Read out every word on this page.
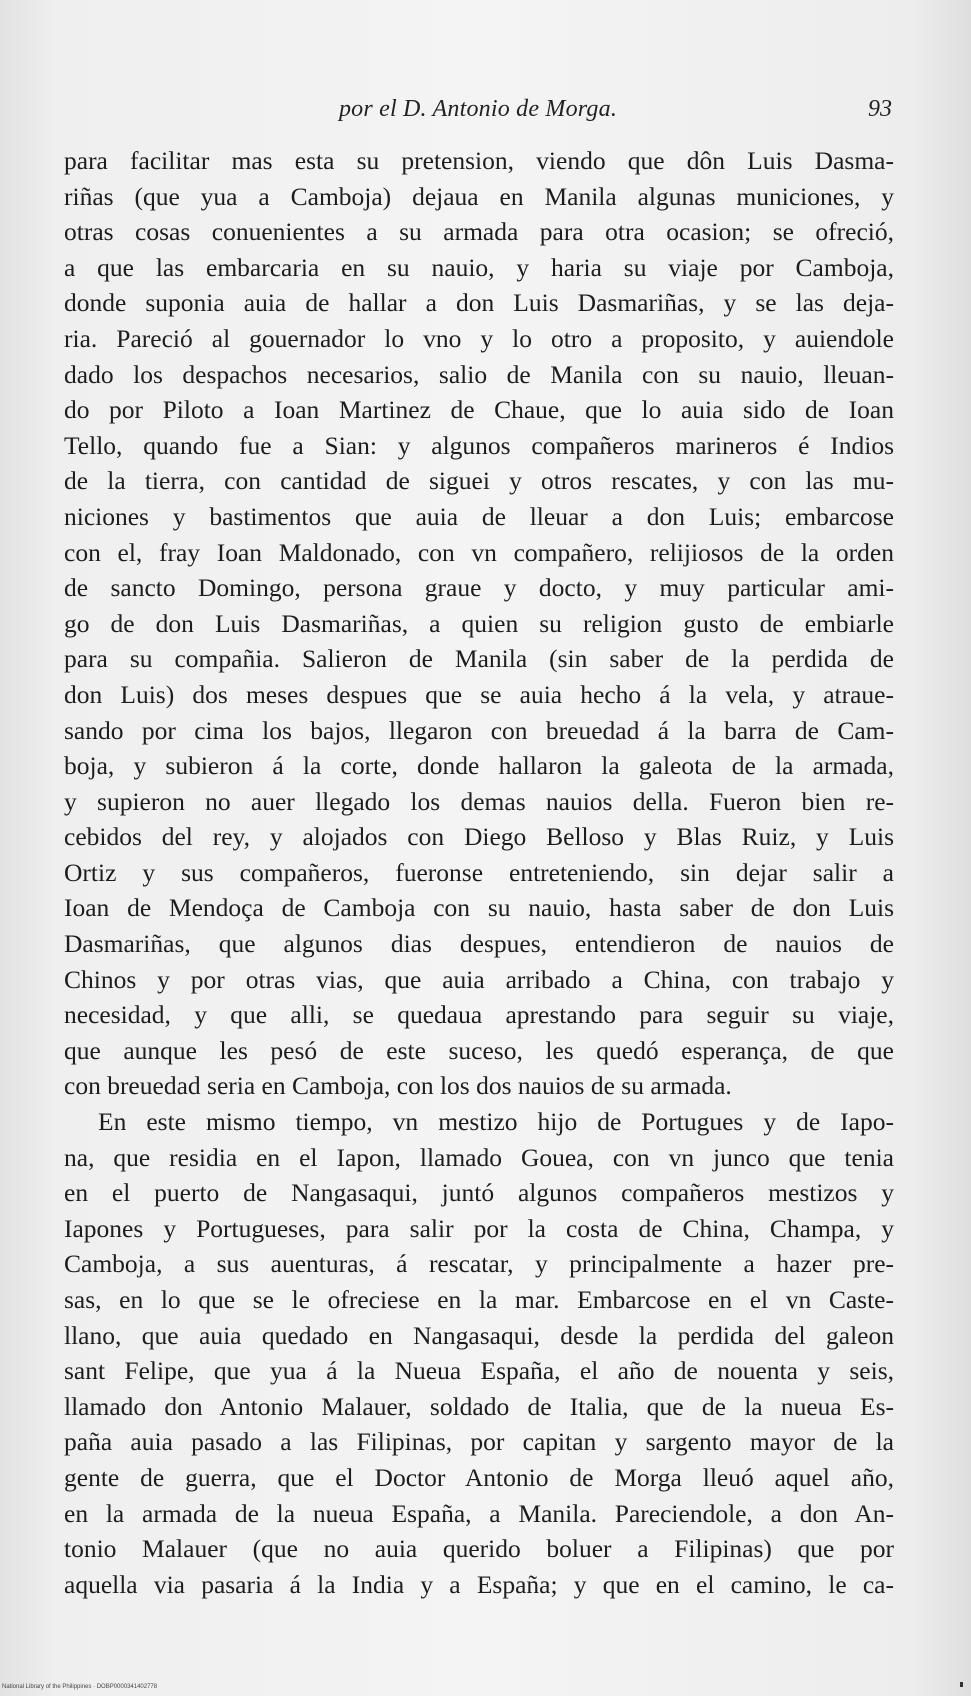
por el D. Antonio de Morga.	93
para facilitar mas esta su pretension, viendo que dôn Luis Dasma-
riñas (que yua a Camboja) dejaua en Manila algunas municiones, y
otras cosas conuenientes a su armada para otra ocasion; se ofreció,
a que las embarcaria en su nauio, y haria su viaje por Camboja,
donde suponia auia de hallar a don Luis Dasmariñas, y se las deja-
ria. Pareció al gouernador lo vno y lo otro a proposito, y auiendole
dado los despachos necesarios, salio de Manila con su nauio, lleuan-
do por Piloto a Ioan Martinez de Chaue, que lo auia sido de Ioan
Tello, quando fue a Sian: y algunos compañeros marineros é Indios
de la tierra, con cantidad de siguei y otros rescates, y con las mu-
niciones y bastimentos que auia de lleuar a don Luis; embarcose
con el, fray Ioan Maldonado, con vn compañero, relijiosos de la orden
de sancto Domingo, persona graue y docto, y muy particular ami-
go de don Luis Dasmariñas, a quien su religion gusto de embiarle
para su compañia. Salieron de Manila (sin saber de la perdida de
don Luis) dos meses despues que se auia hecho á la vela, y atraue-
sando por cima los bajos, llegaron con breuedad á la barra de Cam-
boja, y subieron á la corte, donde hallaron la galeota de la armada,
y supieron no auer llegado los demas nauios della. Fueron bien re-
cebidos del rey, y alojados con Diego Belloso y Blas Ruiz, y Luis
Ortiz y sus compañeros, fueronse entreteniendo, sin dejar salir a
Ioan de Mendoça de Camboja con su nauio, hasta saber de don Luis
Dasmariñas, que algunos dias despues, entendieron de nauios de
Chinos y por otras vias, que auia arribado a China, con trabajo y
necesidad, y que alli, se quedaua aprestando para seguir su viaje,
que aunque les pesó de este suceso, les quedó esperança, de que
con breuedad seria en Camboja, con los dos nauios de su armada.
En este mismo tiempo, vn mestizo hijo de Portugues y de Iapo-
na, que residia en el Iapon, llamado Gouea, con vn junco que tenia
en el puerto de Nangasaqui, juntó algunos compañeros mestizos y
Iapones y Portugueses, para salir por la costa de China, Champa, y
Camboja, a sus auenturas, á rescatar, y principalmente a hazer pre-
sas, en lo que se le ofreciese en la mar. Embarcose en el vn Caste-
llano, que auia quedado en Nangasaqui, desde la perdida del galeon
sant Felipe, que yua á la Nueua España, el año de nouenta y seis,
llamado don Antonio Malauer, soldado de Italia, que de la nueua Es-
paña auia pasado a las Filipinas, por capitan y sargento mayor de la
gente de guerra, que el Doctor Antonio de Morga lleuó aquel año,
en la armada de la nueua España, a Manila. Pareciendole, a don An-
tonio Malauer (que no auia querido boluer a Filipinas) que por
aquella via pasaria á la India y a España; y que en el camino, le ca-
National Library of the Philippines · DOBP0000341402778
